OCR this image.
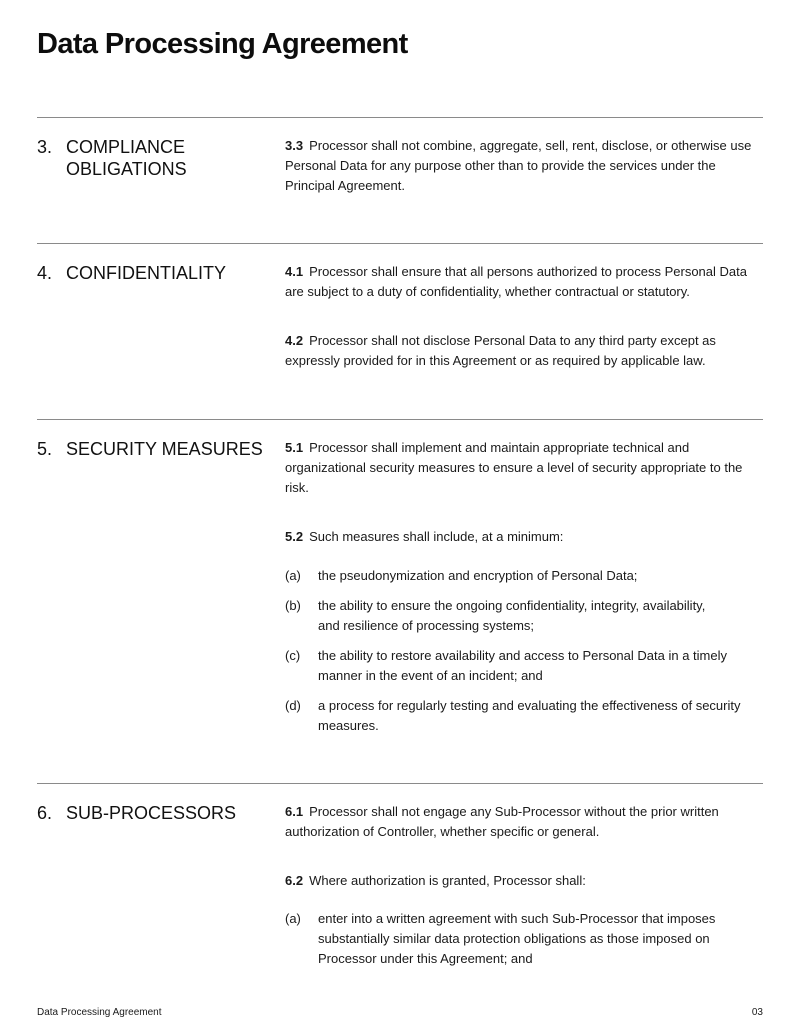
Data Processing Agreement
3. COMPLIANCE OBLIGATIONS

3.3 Processor shall not combine, aggregate, sell, rent, disclose, or otherwise use Personal Data for any purpose other than to provide the services under the Principal Agreement.

4. CONFIDENTIALITY	4.1 Processor shall ensure that all persons authorized to process Personal Data are subject to a duty of confidentiality, whether contractual or statutory.

4.2 Processor shall not disclose Personal Data to any third party except as expressly provided for in this Agreement or as required by applicable law.

5. SECURITY MEASURES	5.1 Processor shall implement and maintain appropriate technical and organizational security measures to ensure a level of security appropriate to the risk.

5.2 Such measures shall include, at a minimum:

(a)	the pseudonymization and encryption of Personal Data;
(b)	the ability to ensure the ongoing confidentiality, integrity, availability, and resilience of processing systems;
(c)	the ability to restore availability and access to Personal Data in a timely manner in the event of an incident; and
(d)	a process for regularly testing and evaluating the effectiveness of security measures.
6. SUB-PROCESSORS	6.1 Processor shall not engage any Sub-Processor without the prior written authorization of Controller, whether specific or general.

6.2 Where authorization is granted, Processor shall:

(a)	enter into a written agreement with such Sub-Processor that imposes substantially similar data protection obligations as those imposed on Processor under this Agreement; and
Data Processing Agreement	03
